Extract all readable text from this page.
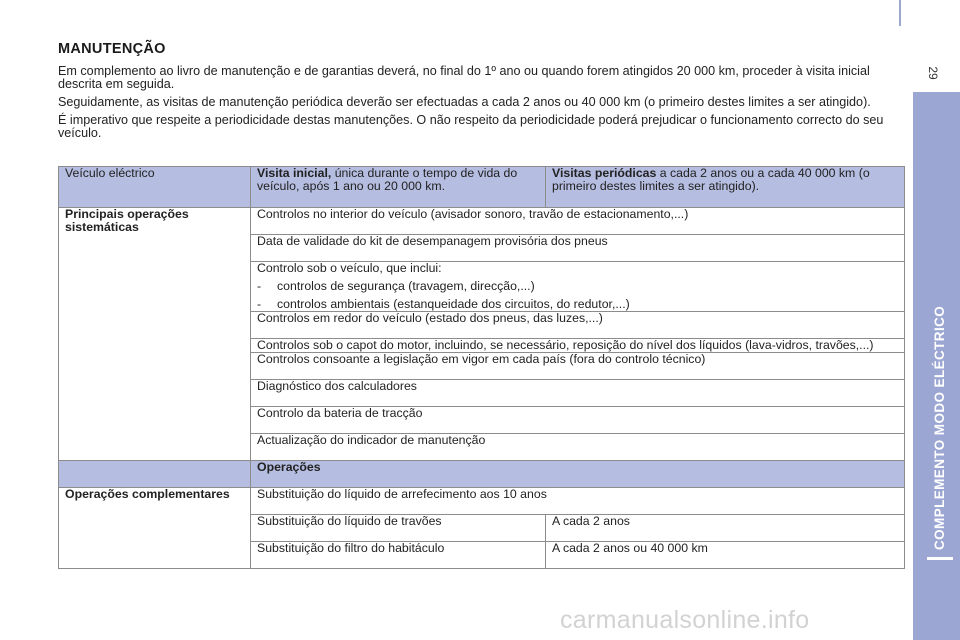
29
COMPLEMENTO MODO ELÉCTRICO
MANUTENÇÃO

Em complemento ao livro de manutenção e de garantias deverá, no final do 1º ano ou quando forem atingidos 20 000 km, proceder à visita inicial descrita em seguida.

Seguidamente, as visitas de manutenção periódica deverão ser efectuadas a cada 2 anos ou 40 000 km (o primeiro destes limites a ser atingido).

É imperativo que respeite a periodicidade destas manutenções. O não respeito da periodicidade poderá prejudicar o funcionamento correcto do seu veículo.

Veículo eléctrico	Visita inicial, única durante o tempo de vida do veículo, após 1 ano ou 20 000 km.	Visitas periódicas a cada 2 anos ou a cada 40 000 km (o primeiro destes limites a ser atingido).
Principais operações sistemáticas	Controlos no interior do veículo (avisador sonoro, travão de estacionamento,...)	
	Data de validade do kit de desempanagem provisória dos pneus	
	Controlo sob o veículo, que inclui:
- controlos de segurança (travagem, direcção,...)
- controlos ambientais (estanqueidade dos circuitos, do redutor,...)	

	Controlos em redor do veículo (estado dos pneus, das luzes,...)	
	Controlos sob o capot do motor, incluindo, se necessário, reposição do nível dos líquidos (lava-vidros, travões,...)	
	Controlos consoante a legislação em vigor em cada país (fora do controlo técnico)	
	Diagnóstico dos calculadores	
	Controlo da bateria de tracção	
	Actualização do indicador de manutenção	
	Operações	
Operações complementares	Substituição do líquido de arrefecimento aos 10 anos	
	Substituição do líquido de travões	A cada 2 anos
	Substituição do filtro do habitáculo	A cada 2 anos ou 40 000 km
carmanualsonline.info
